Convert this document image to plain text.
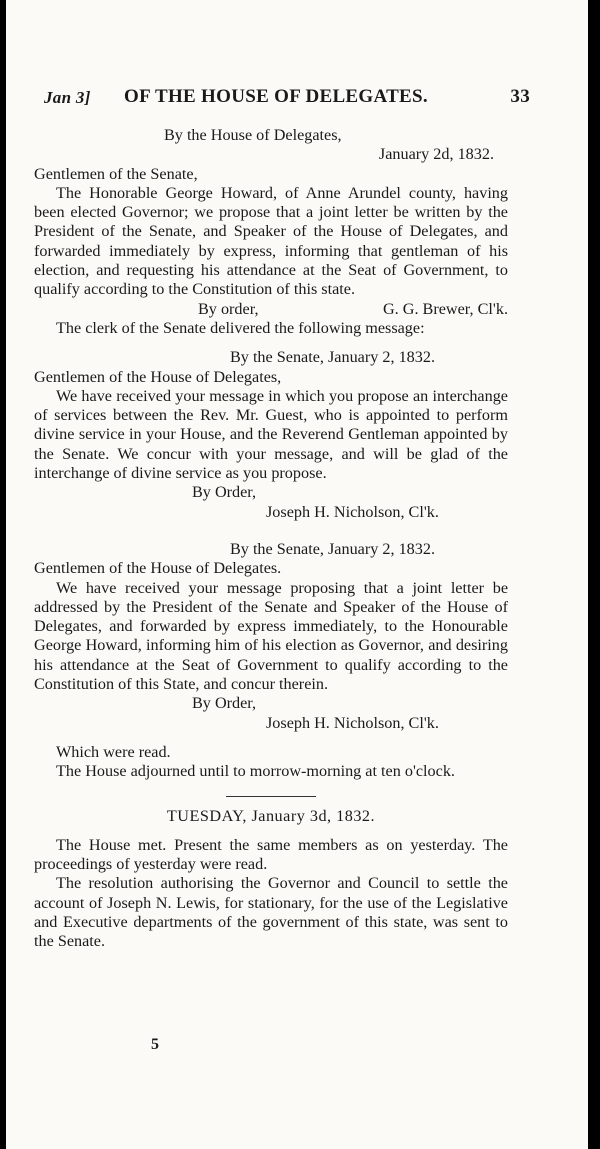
Jan 3] OF THE HOUSE OF DELEGATES.	33

By the House of Delegates,

January 2d, 1832.

Gentlemen of the Senate,

The Honorable George Howard, of Anne Arundel county, having been elected Governor; we propose that a joint letter be written by the President of the Senate, and Speaker of the House of Delegates, and forwarded immediately by express, informing that gentleman of his election, and requesting his attendance at the Seat of Government, to qualify according to the Constitution of this state.

By order,	G. G. Brewer, Cl'k.

The clerk of the Senate delivered the following message:

By the Senate, January 2, 1832.

Gentlemen of the House of Delegates,

We have received your message in which you propose an interchange of services between the Rev. Mr. Guest, who is appointed to perform divine service in your House, and the Reverend Gentleman appointed by the Senate. We concur with your message, and will be glad of the interchange of divine service as you propose.

By Order,

Joseph H. Nicholson, Cl'k.

By the Senate, January 2, 1832.

Gentlemen of the House of Delegates.

We have received your message proposing that a joint letter be addressed by the President of the Senate and Speaker of the House of Delegates, and forwarded by express immediately, to the Honourable George Howard, informing him of his election as Governor, and desiring his attendance at the Seat of Government to qualify according to the Constitution of this State, and concur therein.

By Order,

Joseph H. Nicholson, Cl'k.

Which were read.

The House adjourned until to morrow-morning at ten o'clock.

TUESDAY, January 3d, 1832.

The House met. Present the same members as on yesterday. The proceedings of yesterday were read.

The resolution authorising the Governor and Council to settle the account of Joseph N. Lewis, for stationary, for the use of the Legislative and Executive departments of the government of this state, was sent to the Senate.

5
